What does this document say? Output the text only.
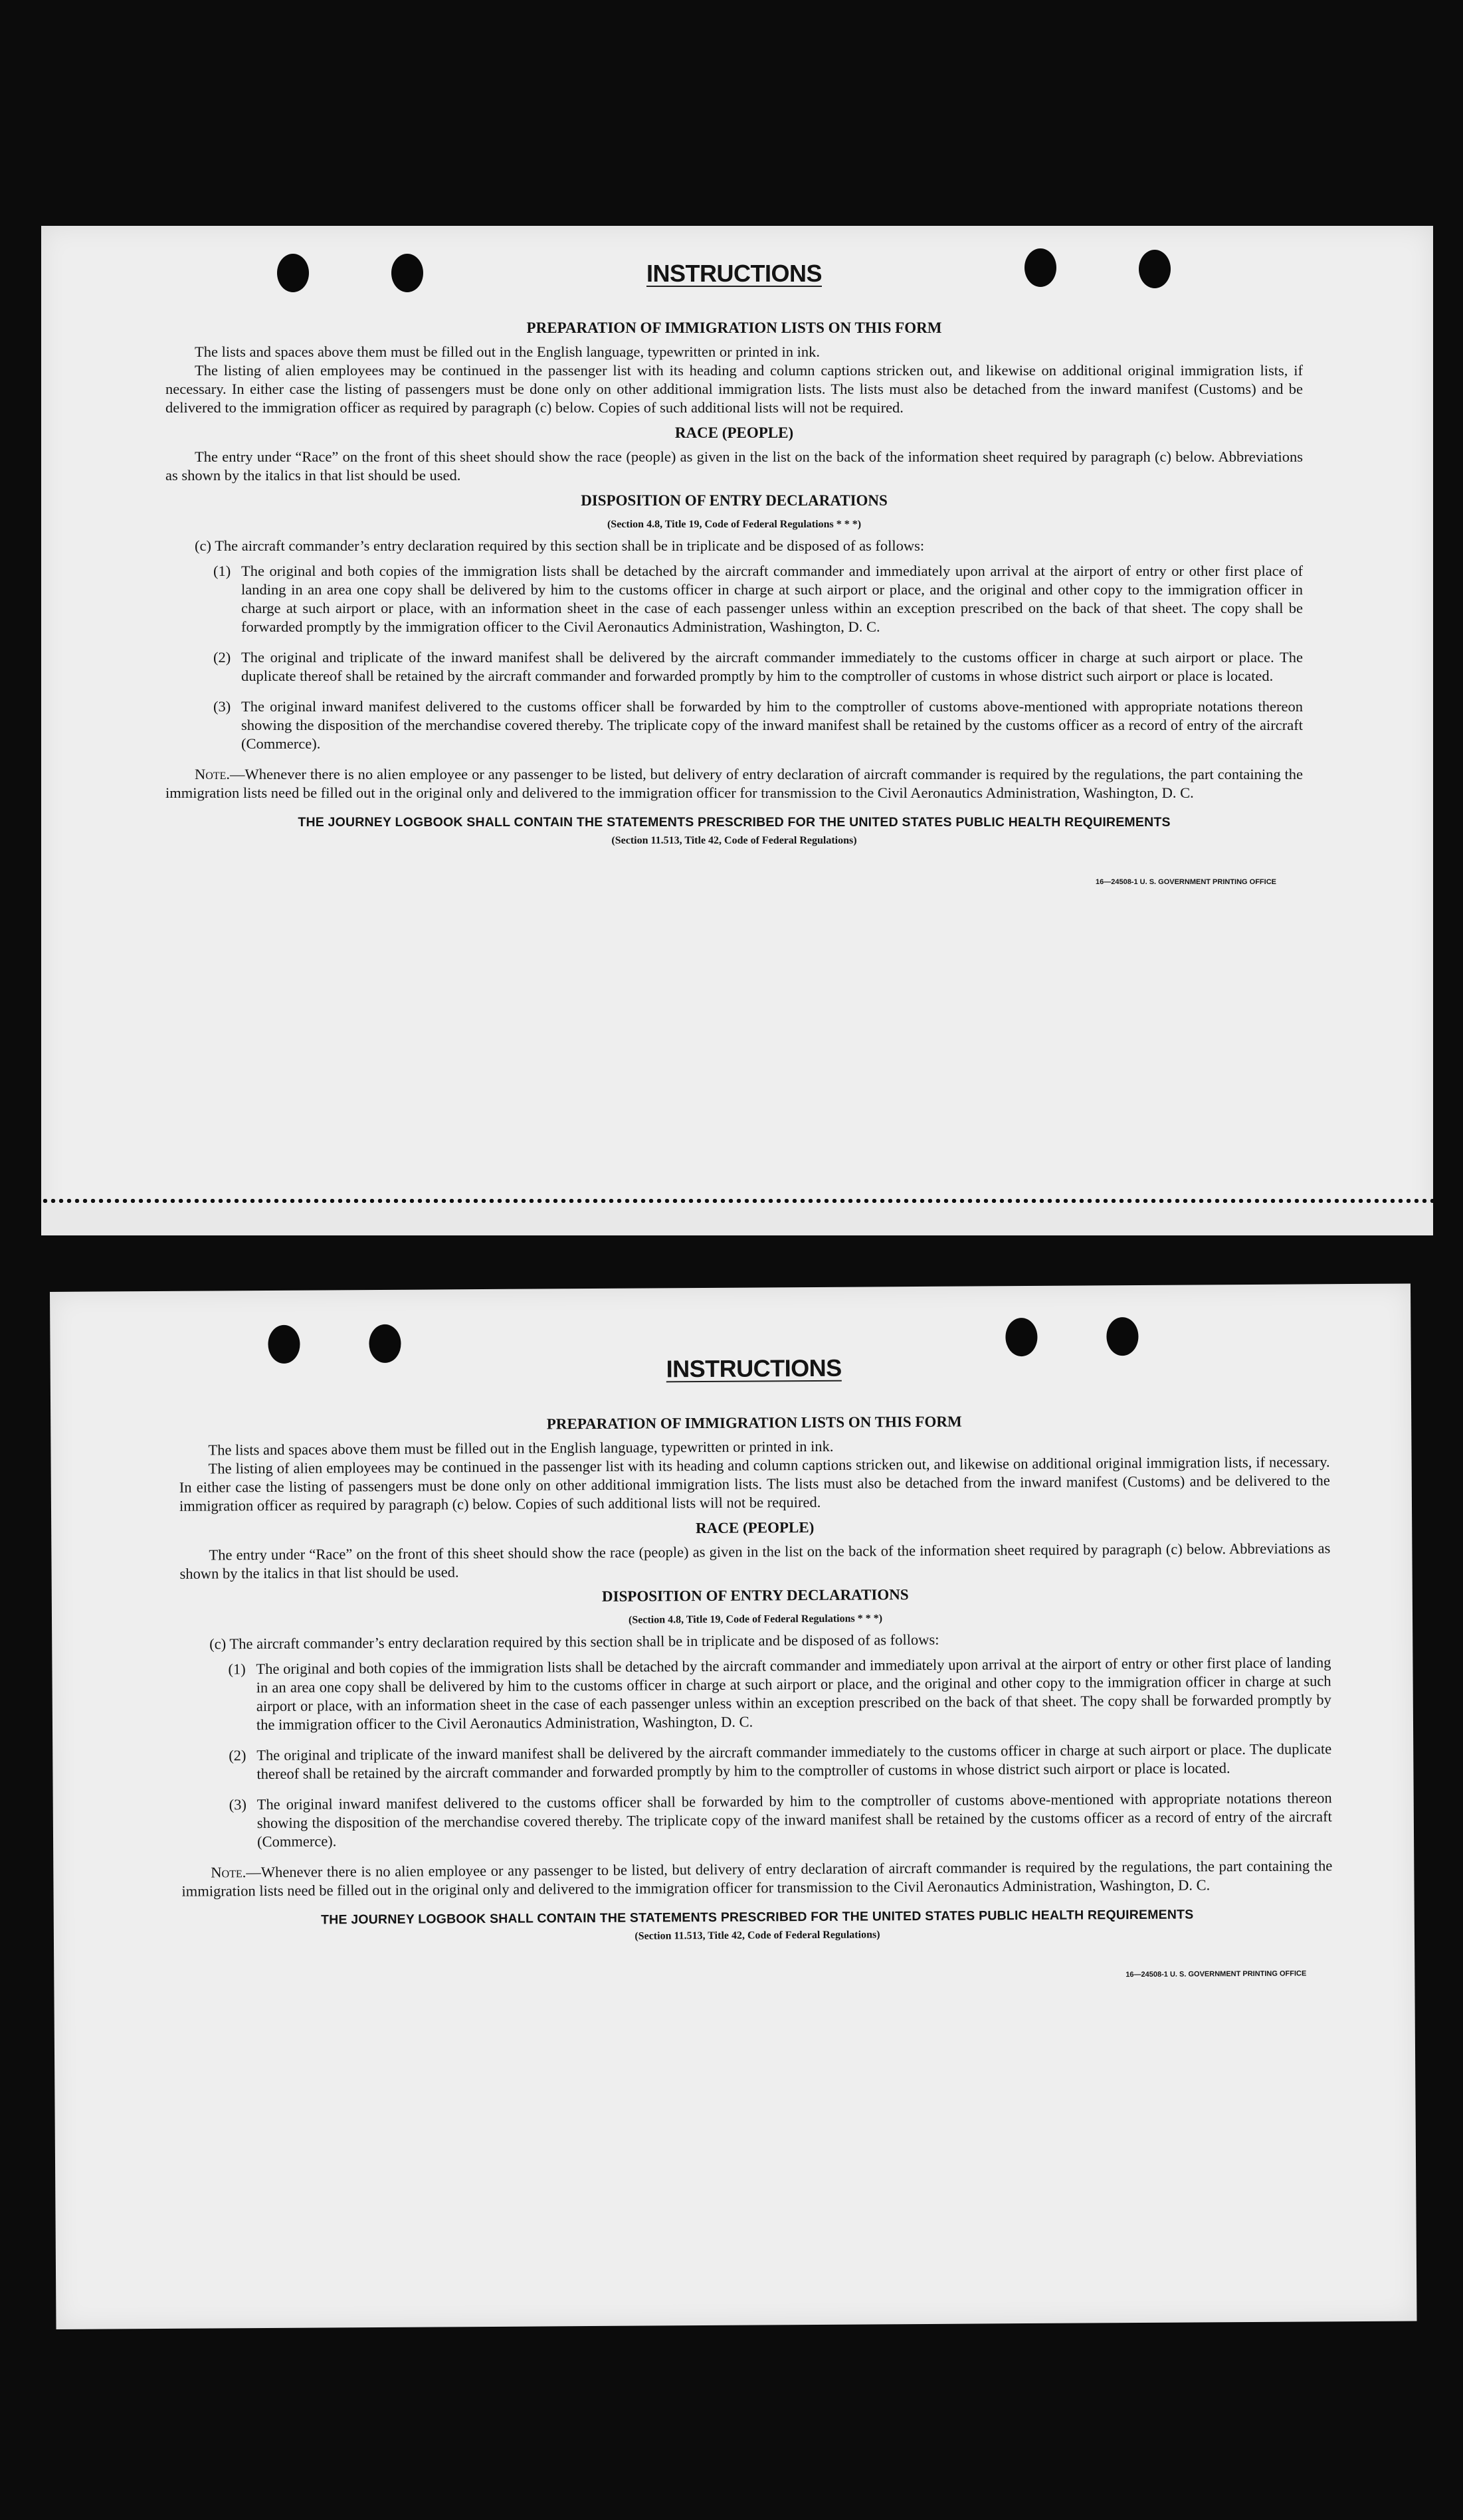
INSTRUCTIONS
PREPARATION OF IMMIGRATION LISTS ON THIS FORM

The lists and spaces above them must be filled out in the English language, typewritten or printed in ink.

The listing of alien employees may be continued in the passenger list with its heading and column captions stricken out, and likewise on additional original immigration lists, if necessary. In either case the listing of passengers must be done only on other additional immigration lists. The lists must also be detached from the inward manifest (Customs) and be delivered to the immigration officer as required by paragraph (c) below. Copies of such additional lists will not be required.

RACE (PEOPLE)

The entry under “Race” on the front of this sheet should show the race (people) as given in the list on the back of the information sheet required by paragraph (c) below. Abbreviations as shown by the italics in that list should be used.

DISPOSITION OF ENTRY DECLARATIONS
(Section 4.8, Title 19, Code of Federal Regulations * * *)
(c) The aircraft commander’s entry declaration required by this section shall be in triplicate and be disposed of as follows:
(1) The original and both copies of the immigration lists shall be detached by the aircraft commander and immediately upon arrival at the airport of entry or other first place of landing in an area one copy shall be delivered by him to the customs officer in charge at such airport or place, and the original and other copy to the immigration officer in charge at such airport or place, with an information sheet in the case of each passenger unless within an exception prescribed on the back of that sheet. The copy shall be forwarded promptly by the immigration officer to the Civil Aeronautics Administration, Washington, D. C.
(2) The original and triplicate of the inward manifest shall be delivered by the aircraft commander immediately to the customs officer in charge at such airport or place. The duplicate thereof shall be retained by the aircraft commander and forwarded promptly by him to the comptroller of customs in whose district such airport or place is located.
(3) The original inward manifest delivered to the customs officer shall be forwarded by him to the comptroller of customs above-mentioned with appropriate notations thereon showing the disposition of the merchandise covered thereby. The triplicate copy of the inward manifest shall be retained by the customs officer as a record of entry of the aircraft (Commerce).
Note.—Whenever there is no alien employee or any passenger to be listed, but delivery of entry declaration of aircraft commander is required by the regulations, the part containing the immigration lists need be filled out in the original only and delivered to the immigration officer for transmission to the Civil Aeronautics Administration, Washington, D. C.
THE JOURNEY LOGBOOK SHALL CONTAIN THE STATEMENTS PRESCRIBED FOR THE UNITED STATES PUBLIC HEALTH REQUIREMENTS
(Section 11.513, Title 42, Code of Federal Regulations)
16—24508-1 U. S. GOVERNMENT PRINTING OFFICE
INSTRUCTIONS
PREPARATION OF IMMIGRATION LISTS ON THIS FORM

The lists and spaces above them must be filled out in the English language, typewritten or printed in ink.

The listing of alien employees may be continued in the passenger list with its heading and column captions stricken out, and likewise on additional original immigration lists, if necessary. In either case the listing of passengers must be done only on other additional immigration lists. The lists must also be detached from the inward manifest (Customs) and be delivered to the immigration officer as required by paragraph (c) below. Copies of such additional lists will not be required.

RACE (PEOPLE)

The entry under “Race” on the front of this sheet should show the race (people) as given in the list on the back of the information sheet required by paragraph (c) below. Abbreviations as shown by the italics in that list should be used.

DISPOSITION OF ENTRY DECLARATIONS
(Section 4.8, Title 19, Code of Federal Regulations * * *)
(c) The aircraft commander’s entry declaration required by this section shall be in triplicate and be disposed of as follows:
(1) The original and both copies of the immigration lists shall be detached by the aircraft commander and immediately upon arrival at the airport of entry or other first place of landing in an area one copy shall be delivered by him to the customs officer in charge at such airport or place, and the original and other copy to the immigration officer in charge at such airport or place, with an information sheet in the case of each passenger unless within an exception prescribed on the back of that sheet. The copy shall be forwarded promptly by the immigration officer to the Civil Aeronautics Administration, Washington, D. C.
(2) The original and triplicate of the inward manifest shall be delivered by the aircraft commander immediately to the customs officer in charge at such airport or place. The duplicate thereof shall be retained by the aircraft commander and forwarded promptly by him to the comptroller of customs in whose district such airport or place is located.
(3) The original inward manifest delivered to the customs officer shall be forwarded by him to the comptroller of customs above-mentioned with appropriate notations thereon showing the disposition of the merchandise covered thereby. The triplicate copy of the inward manifest shall be retained by the customs officer as a record of entry of the aircraft (Commerce).
Note.—Whenever there is no alien employee or any passenger to be listed, but delivery of entry declaration of aircraft commander is required by the regulations, the part containing the immigration lists need be filled out in the original only and delivered to the immigration officer for transmission to the Civil Aeronautics Administration, Washington, D. C.
THE JOURNEY LOGBOOK SHALL CONTAIN THE STATEMENTS PRESCRIBED FOR THE UNITED STATES PUBLIC HEALTH REQUIREMENTS
(Section 11.513, Title 42, Code of Federal Regulations)
16—24508-1 U. S. GOVERNMENT PRINTING OFFICE
